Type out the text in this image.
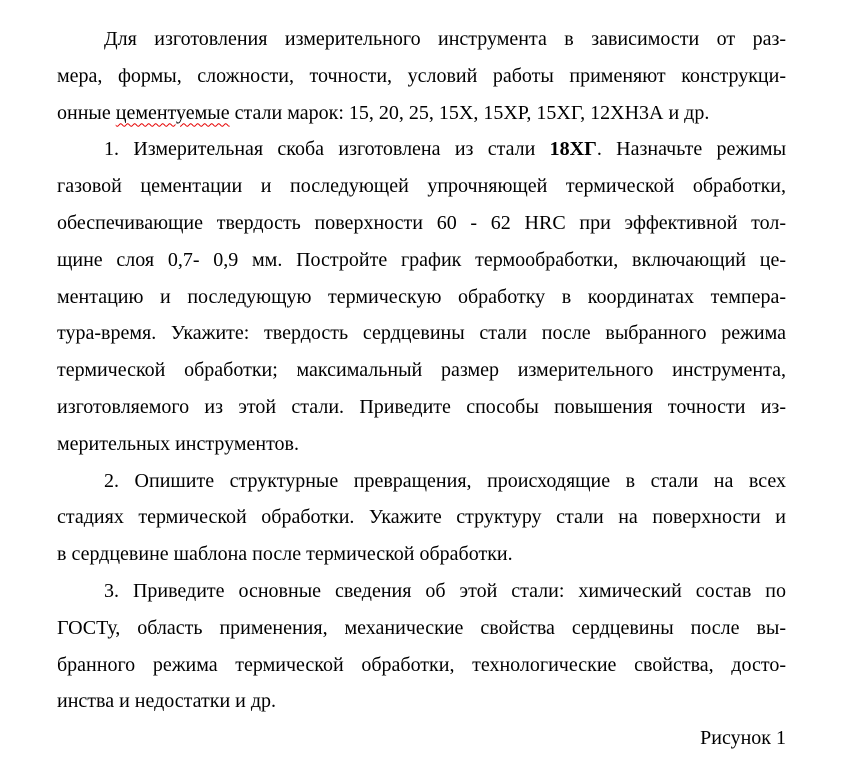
Для изготовления измерительного инструмента в зависимости от раз-
мера, формы, сложности, точности, условий работы применяют конструкци-
онные цементуемые стали марок: 15, 20, 25, 15Х, 15ХР, 15ХГ, 12ХН3А и др.
1. Измерительная скоба изготовлена из стали 18ХГ. Назначьте режимы
газовой цементации и последующей упрочняющей термической обработки,
обеспечивающие твердость поверхности 60 - 62 HRC при эффективной тол-
щине слоя 0,7- 0,9 мм. Постройте график термообработки, включающий це-
ментацию и последующую термическую обработку в координатах темпера-
тура-время. Укажите: твердость сердцевины стали после выбранного режима
термической обработки; максимальный размер измерительного инструмента,
изготовляемого из этой стали. Приведите способы повышения точности из-
мерительных инструментов.
2. Опишите структурные превращения, происходящие в стали на всех
стадиях термической обработки. Укажите структуру стали на поверхности и
в сердцевине шаблона после термической обработки.
3. Приведите основные сведения об этой стали: химический состав по
ГОСТу, область применения, механические свойства сердцевины после вы-
бранного режима термической обработки, технологические свойства, досто-
инства и недостатки и др.
Рисунок 1
